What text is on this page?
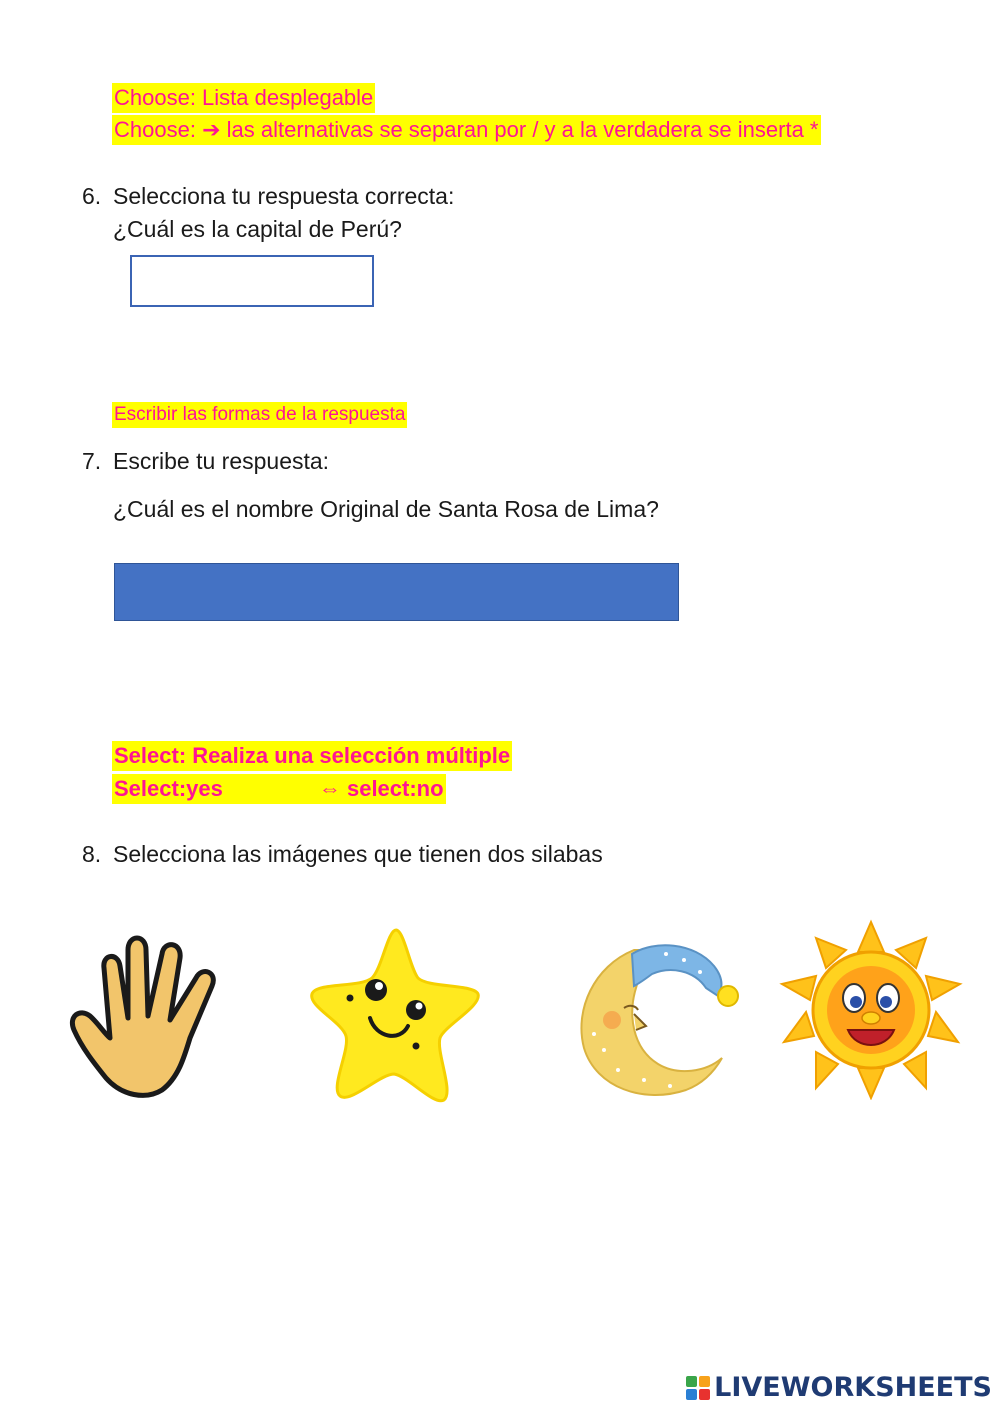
Choose: Lista desplegable
Choose: ➔ las alternativas se separan por / y a la verdadera se inserta *
6. Selecciona tu respuesta correcta:
¿Cuál es la capital de Perú?
Escribir las formas de la respuesta
7. Escribe tu respuesta:
¿Cuál es el nombre Original de Santa Rosa de Lima?
Select: Realiza una selección múltiple
Select:yes	⇔ select:no
8. Selecciona las imágenes que tienen dos silabas
LIVEWORKSHEETS
